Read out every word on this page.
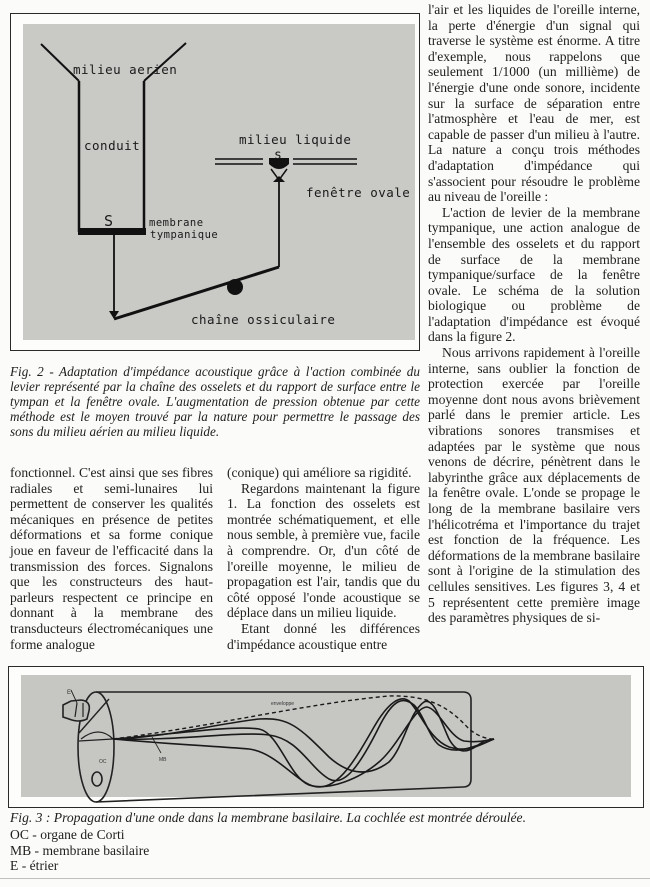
milieu aerien
conduit
S	membrane
tympanique
milieu liquide
s
fenêtre ovale
chaîne ossiculaire
Fig. 2 - Adaptation d'impédance acoustique grâce à l'action combinée du levier représenté par la chaîne des osselets et du rapport de surface entre le tympan et la fenêtre ovale. L'augmentation de pression obtenue par cette méthode est le moyen trouvé par la nature pour permettre le passage des sons du milieu aérien au milieu liquide.

l'air et les liquides de l'oreille interne, la perte d'énergie d'un signal qui traverse le système est énorme. A titre d'exemple, nous rappelons que seulement 1/1000 (un millième) de l'énergie d'une onde sonore, incidente sur la surface de séparation entre l'atmosphère et l'eau de mer, est capable de passer d'un milieu à l'autre. La nature a conçu trois méthodes d'adaptation d'impédance qui s'associent pour résoudre le problème au niveau de l'oreille :

L'action de levier de la membrane tympanique, une action analogue de l'ensemble des osselets et du rapport de surface de la membrane tympanique/surface de la fenêtre ovale. Le schéma de la solution biologique ou problème de l'adaptation d'impédance est évoqué dans la figure 2.

Nous arrivons rapidement à l'oreille interne, sans oublier la fonction de protection exercée par l'oreille moyenne dont nous avons brièvement parlé dans le premier article. Les vibrations sonores transmises et adaptées par le système que nous venons de décrire, pénètrent dans le labyrinthe grâce aux déplacements de la fenêtre ovale. L'onde se propage le long de la membrane basilaire vers l'hélicotréma et l'importance du trajet est fonction de la fréquence. Les déformations de la membrane basilaire sont à l'origine de la stimulation des cellules sensitives. Les figures 3, 4 et 5 représentent cette première image des paramètres physiques de si-

fonctionnel. C'est ainsi que ses fibres radiales et semi-lunaires lui permettent de conserver les qualités mécaniques en présence de petites déformations et sa forme conique joue en faveur de l'efficacité dans la transmission des forces. Signalons que les constructeurs des haut-parleurs respectent ce principe en donnant à la membrane des transducteurs électromécaniques une forme analogue

(conique) qui améliore sa rigidité.

Regardons maintenant la figure 1. La fonction des osselets est montrée schématiquement, et elle nous semble, à première vue, facile à comprendre. Or, d'un côté de l'oreille moyenne, le milieu de propagation est l'air, tandis que du côté opposé l'onde acoustique se déplace dans un milieu liquide.

Etant donné les différences d'impédance acoustique entre

E
enveloppe
OC	MB
Fig. 3 : Propagation d'une onde dans la membrane basilaire. La cochlée est montrée déroulée.
OC - organe de Corti
MB - membrane basilaire
E - étrier
